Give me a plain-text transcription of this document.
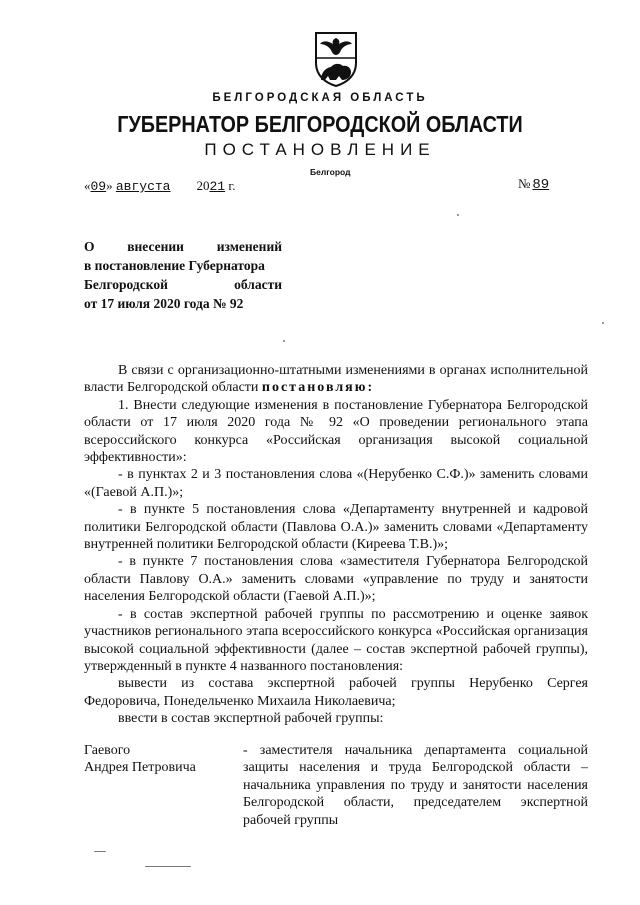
БЕЛГОРОДСКАЯ ОБЛАСТЬ
ГУБЕРНАТОР БЕЛГОРОДСКОЙ ОБЛАСТИ
ПОСТАНОВЛЕНИЕ
Белгород
«09» августа 2021 г.	№ 89
О внесении изменений
в постановление Губернатора
Белгородской области
от 17 июля 2020 года № 92

В связи с организационно-штатными изменениями в органах исполнительной власти Белгородской области постановляю:

1. Внести следующие изменения в постановление Губернатора Белгородской области от 17 июля 2020 года № 92 «О проведении регионального этапа всероссийского конкурса «Российская организация высокой социальной эффективности»:

- в пунктах 2 и 3 постановления слова «(Нерубенко С.Ф.)» заменить словами «(Гаевой А.П.)»;

- в пункте 5 постановления слова «Департаменту внутренней и кадровой политики Белгородской области (Павлова О.А.)» заменить словами «Департаменту внутренней политики Белгородской области (Киреева Т.В.)»;

- в пункте 7 постановления слова «заместителя Губернатора Белгородской области Павлову О.А.» заменить словами «управление по труду и занятости населения Белгородской области (Гаевой А.П.)»;

- в состав экспертной рабочей группы по рассмотрению и оценке заявок участников регионального этапа всероссийского конкурса «Российская организация высокой социальной эффективности (далее – состав экспертной рабочей группы), утвержденный в пункте 4 названного постановления:

вывести из состава экспертной рабочей группы Нерубенко Сергея Федоровича, Понедельченко Михаила Николаевича;

ввести в состав экспертной рабочей группы:

Гаевого
Андрея Петровича

- заместителя начальника департамента социальной защиты населения и труда Белгородской области – начальника управления по труду и занятости населения Белгородской области, председателем экспертной рабочей группы
